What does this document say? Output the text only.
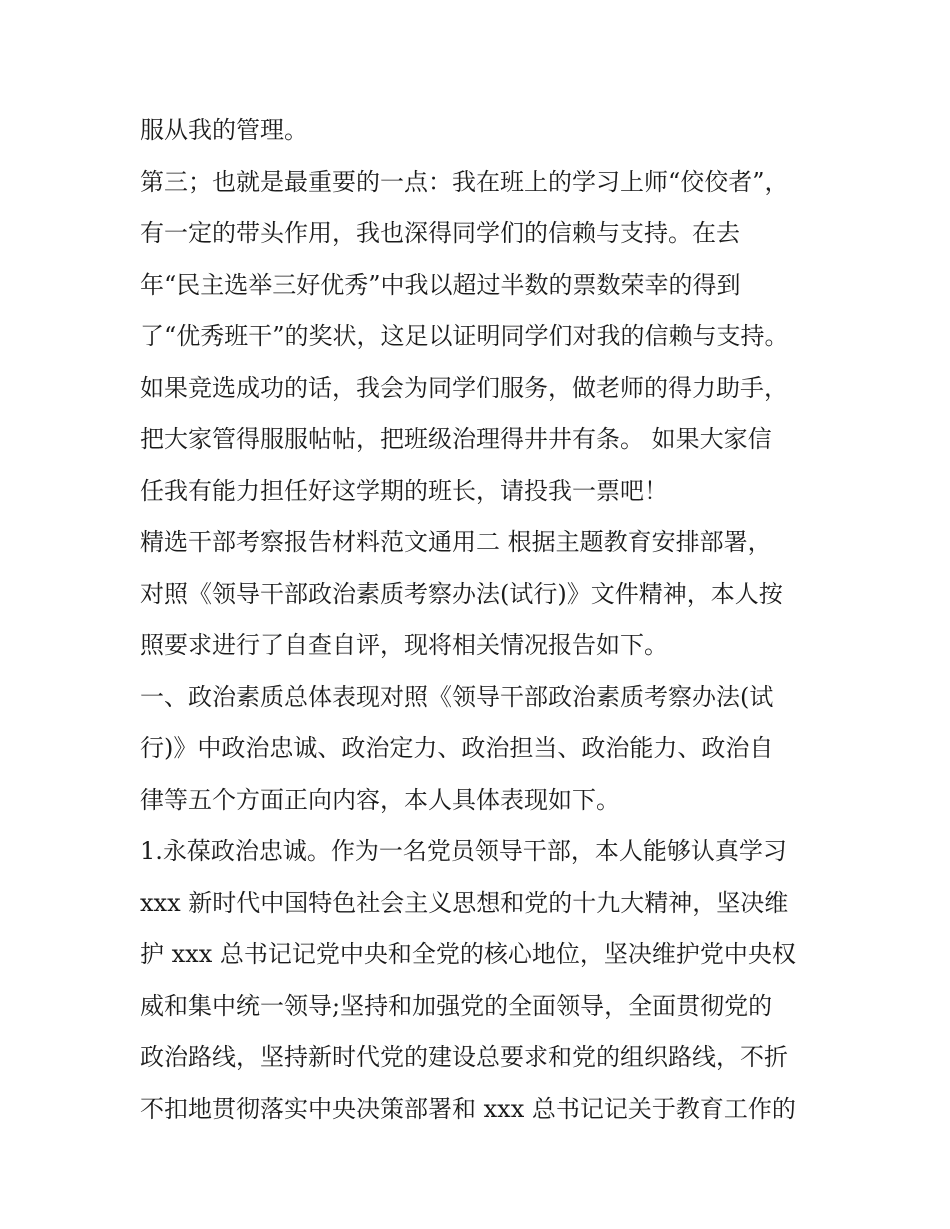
服从我的管理。
第三；也就是最重要的一点：我在班上的学习上师“佼佼者”，
有一定的带头作用，我也深得同学们的信赖与支持。在去
年“民主选举三好优秀”中我以超过半数的票数荣幸的得到
了“优秀班干”的奖状，这足以证明同学们对我的信赖与支持。
如果竞选成功的话，我会为同学们服务，做老师的得力助手，
把大家管得服服帖帖，把班级治理得井井有条。 如果大家信
任我有能力担任好这学期的班长，请投我一票吧！
精选干部考察报告材料范文通用二 根据主题教育安排部署，
对照《领导干部政治素质考察办法(试行)》文件精神，本人按
照要求进行了自查自评，现将相关情况报告如下。
一、政治素质总体表现对照《领导干部政治素质考察办法(试
行)》中政治忠诚、政治定力、政治担当、政治能力、政治自
律等五个方面正向内容，本人具体表现如下。
1.永葆政治忠诚。作为一名党员领导干部，本人能够认真学习
xxx 新时代中国特色社会主义思想和党的十九大精神，坚决维
护 xxx 总书记记党中央和全党的核心地位，坚决维护党中央权
威和集中统一领导;坚持和加强党的全面领导，全面贯彻党的
政治路线，坚持新时代党的建设总要求和党的组织路线，不折
不扣地贯彻落实中央决策部署和 xxx 总书记记关于教育工作的
